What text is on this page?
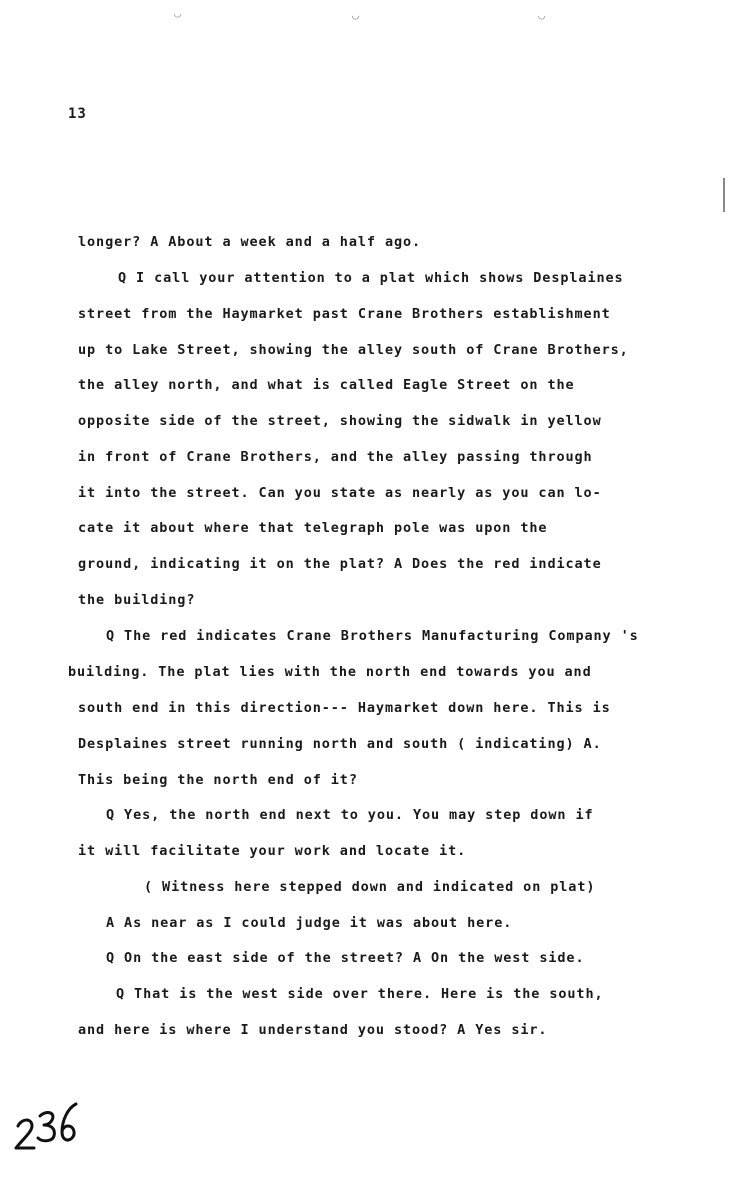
◡	◡	◡
13
longer? A About a week and a half ago.
Q I call your attention to a plat which shows Desplaines
street from the Haymarket past Crane Brothers establishment
up to Lake Street, showing the alley south of Crane Brothers,
the alley north, and what is called Eagle Street on the
opposite side of the street, showing the sidwalk in yellow
in front of Crane Brothers, and the alley passing through
it into the street. Can you state as nearly as you can lo-
cate it about where that telegraph pole was upon the
ground, indicating it on the plat? A Does the red indicate
the building?
Q The red indicates Crane Brothers Manufacturing Company 's
building. The plat lies with the north end towards you and
south end in this direction--- Haymarket down here. This is
Desplaines street running north and south ( indicating) A.
This being the north end of it?
Q Yes, the north end next to you. You may step down if
it will facilitate your work and locate it.
( Witness here stepped down and indicated on plat)
A As near as I could judge it was about here.
Q On the east side of the street? A On the west side.
Q That is the west side over there. Here is the south,
and here is where I understand you stood? A Yes sir.
